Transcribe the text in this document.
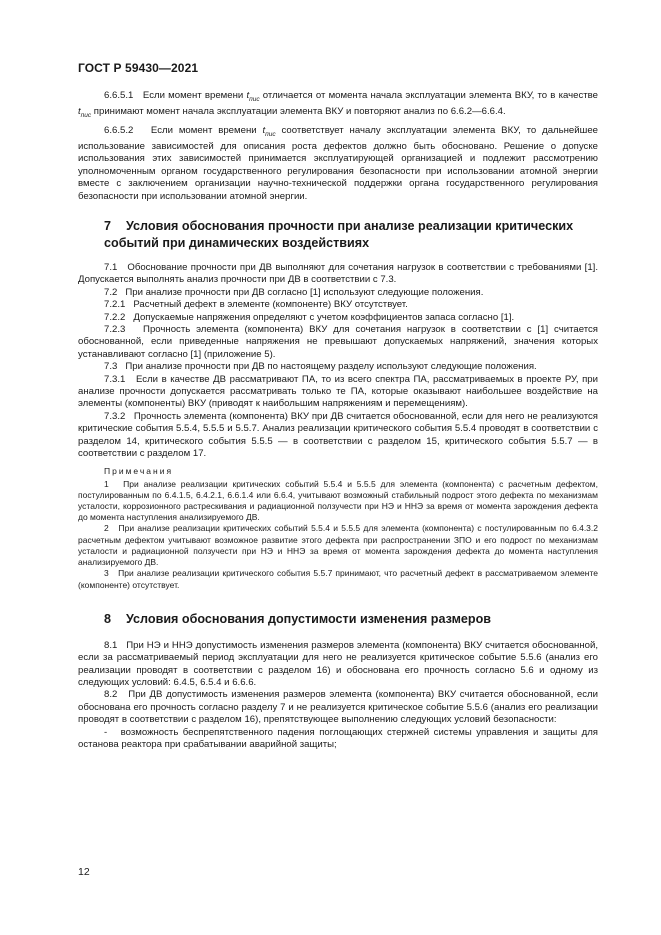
ГОСТ Р 59430—2021

6.6.5.1   Если момент времени $t_{пис}$ отличается от момента начала эксплуатации элемента ВКУ, то в качестве $t_{пис}$ принимают момент начала эксплуатации элемента ВКУ и повторяют анализ по 6.6.2—6.6.4.

6.6.5.2   Если момент времени $t_{пис}$ соответствует началу эксплуатации элемента ВКУ, то дальнейшее использование зависимостей для описания роста дефектов должно быть обосновано. Решение о допуске использования этих зависимостей принимается эксплуатирующей организацией и подлежит рассмотрению уполномоченным органом государственного регулирования безопасности при использовании атомной энергии вместе с заключением организации научно-технической поддержки органа государственного регулирования безопасности при использовании атомной энергии.

7 Условия обоснования прочности при анализе реализации критических событий при динамических воздействиях

7.1   Обоснование прочности при ДВ выполняют для сочетания нагрузок в соответствии с требованиями [1]. Допускается выполнять анализ прочности при ДВ в соответствии с 7.3.

7.2   При анализе прочности при ДВ согласно [1] используют следующие положения.

7.2.1   Расчетный дефект в элементе (компоненте) ВКУ отсутствует.

7.2.2   Допускаемые напряжения определяют с учетом коэффициентов запаса согласно [1].

7.2.3   Прочность элемента (компонента) ВКУ для сочетания нагрузок в соответствии с [1] считается обоснованной, если приведенные напряжения не превышают допускаемых напряжений, значения которых устанавливают согласно [1] (приложение 5).

7.3   При анализе прочности при ДВ по настоящему разделу используют следующие положения.

7.3.1   Если в качестве ДВ рассматривают ПА, то из всего спектра ПА, рассматриваемых в проекте РУ, при анализе прочности допускается рассматривать только те ПА, которые оказывают наибольшее воздействие на элементы (компоненты) ВКУ (приводят к наибольшим напряжениям и перемещениям).

7.3.2   Прочность элемента (компонента) ВКУ при ДВ считается обоснованной, если для него не реализуются критические события 5.5.4, 5.5.5 и 5.5.7. Анализ реализации критического события 5.5.4 проводят в соответствии с разделом 14, критического события 5.5.5 — в соответствии с разделом 15, критического события 5.5.7 — в соответствии с разделом 17.

Примечания

1   При анализе реализации критических событий 5.5.4 и 5.5.5 для элемента (компонента) с расчетным дефектом, постулированным по 6.4.1.5, 6.4.2.1, 6.6.1.4 или 6.6.4, учитывают возможный стабильный подрост этого дефекта по механизмам усталости, коррозионного растрескивания и радиационной ползучести при НЭ и ННЭ за время от момента зарождения дефекта до момента наступления анализируемого ДВ.

2   При анализе реализации критических событий 5.5.4 и 5.5.5 для элемента (компонента) с постулированным по 6.4.3.2 расчетным дефектом учитывают возможное развитие этого дефекта при распространении ЗПО и его подрост по механизмам усталости и радиационной ползучести при НЭ и ННЭ за время от момента зарождения дефекта до момента наступления анализируемого ДВ.

3   При анализе реализации критического события 5.5.7 принимают, что расчетный дефект в рассматриваемом элементе (компоненте) отсутствует.

8 Условия обоснования допустимости изменения размеров

8.1   При НЭ и ННЭ допустимость изменения размеров элемента (компонента) ВКУ считается обоснованной, если за рассматриваемый период эксплуатации для него не реализуется критическое событие 5.5.6 (анализ его реализации проводят в соответствии с разделом 16) и обоснована его прочность согласно 5.6 и одному из следующих условий: 6.4.5, 6.5.4 и 6.6.6.

8.2   При ДВ допустимость изменения размеров элемента (компонента) ВКУ считается обоснованной, если обоснована его прочность согласно разделу 7 и не реализуется критическое событие 5.5.6 (анализ его реализации проводят в соответствии с разделом 16), препятствующее выполнению следующих условий безопасности:

-   возможность беспрепятственного падения поглощающих стержней системы управления и защиты для останова реактора при срабатывании аварийной защиты;

12
